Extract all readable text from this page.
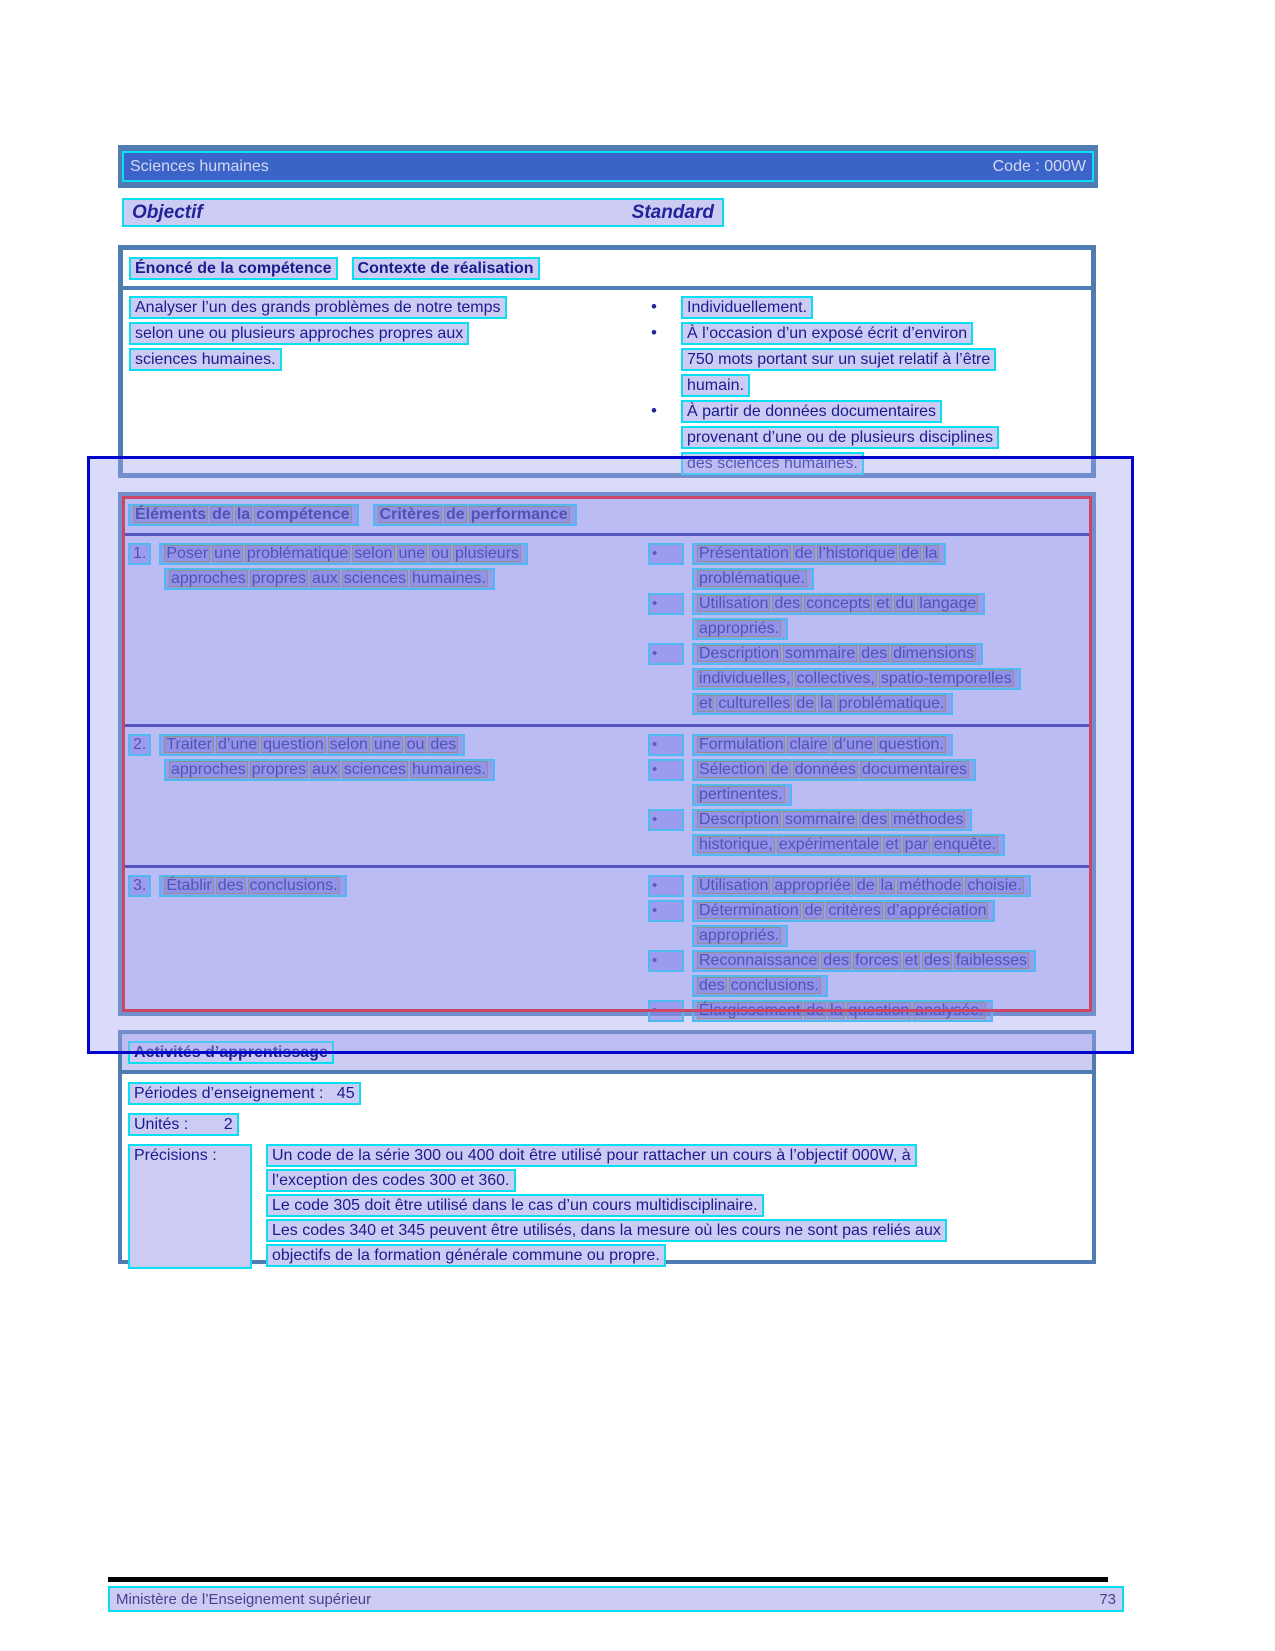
Sciences humaines	Code : 000W
Objectif	Standard
Énoncé de la compétence	Contexte de réalisation
Analyser l’un des grands problèmes de notre temps
selon une ou plusieurs approches propres aux
sciences humaines.
•	Individuellement.
•	À l’occasion d’un exposé écrit d’environ
750 mots portant sur un sujet relatif à l’être
humain.
•	À partir de données documentaires
provenant d’une ou de plusieurs disciplines
des sciences humaines.
Éléments de la compétence	Critères de performance
1.	Poser une problématique selon une ou plusieurs
approches propres aux sciences humaines.
•	Présentation de l’historique de la
problématique.
•	Utilisation des concepts et du langage
appropriés.
•	Description sommaire des dimensions
individuelles, collectives, spatio-temporelles
et culturelles de la problématique.
2.	Traiter d’une question selon une ou des
approches propres aux sciences humaines.
•	Formulation claire d’une question.
•	Sélection de données documentaires
pertinentes.
•	Description sommaire des méthodes
historique, expérimentale et par enquête.
3.	Établir des conclusions.	•	Utilisation appropriée de la méthode choisie.
•	Détermination de critères d’appréciation
appropriés.
•	Reconnaissance des forces et des faiblesses
des conclusions.
•	Élargissement de la question analysée.
Activités d’apprentissage
Périodes d’enseignement :   45
Unités :        2
Précisions :	Un code de la série 300 ou 400 doit être utilisé pour rattacher un cours à l’objectif 000W, à
l’exception des codes 300 et 360.
Le code 305 doit être utilisé dans le cas d’un cours multidisciplinaire.
Les codes 340 et 345 peuvent être utilisés, dans la mesure où les cours ne sont pas reliés aux
objectifs de la formation générale commune ou propre.
Ministère de l’Enseignement supérieur	73
